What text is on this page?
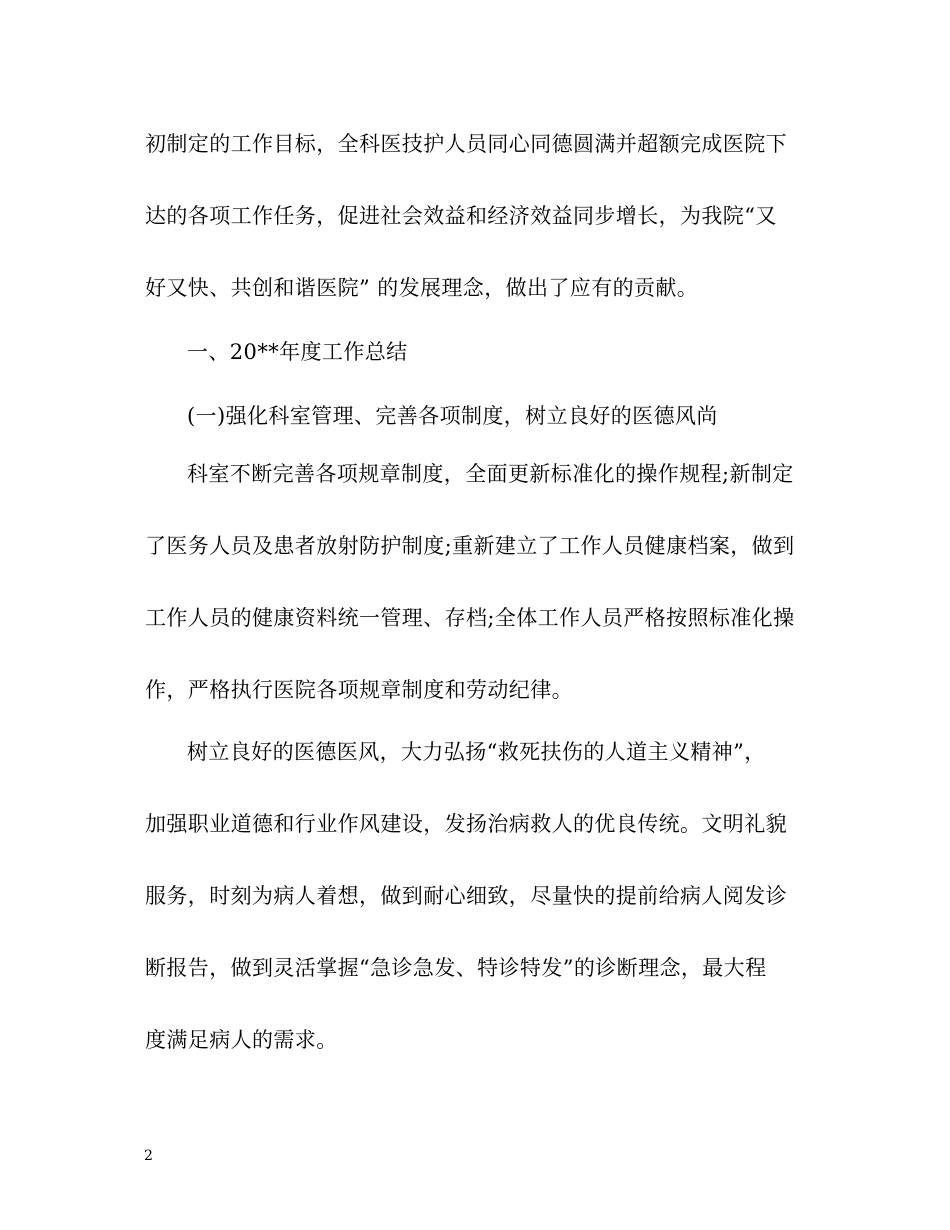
初制定的工作目标，全科医技护人员同心同德圆满并超额完成医院下
达的各项工作任务，促进社会效益和经济效益同步增长，为我院“又
好又快、共创和谐医院” 的发展理念，做出了应有的贡献。
一、20**年度工作总结
(一)强化科室管理、完善各项制度，树立良好的医德风尚
科室不断完善各项规章制度，全面更新标准化的操作规程;新制定
了医务人员及患者放射防护制度;重新建立了工作人员健康档案，做到
工作人员的健康资料统一管理、存档;全体工作人员严格按照标准化操
作，严格执行医院各项规章制度和劳动纪律。
树立良好的医德医风，大力弘扬“救死扶伤的人道主义精神”，
加强职业道德和行业作风建设，发扬治病救人的优良传统。文明礼貌
服务，时刻为病人着想，做到耐心细致，尽量快的提前给病人阅发诊
断报告，做到灵活掌握“急诊急发、特诊特发”的诊断理念，最大程
度满足病人的需求。
2
